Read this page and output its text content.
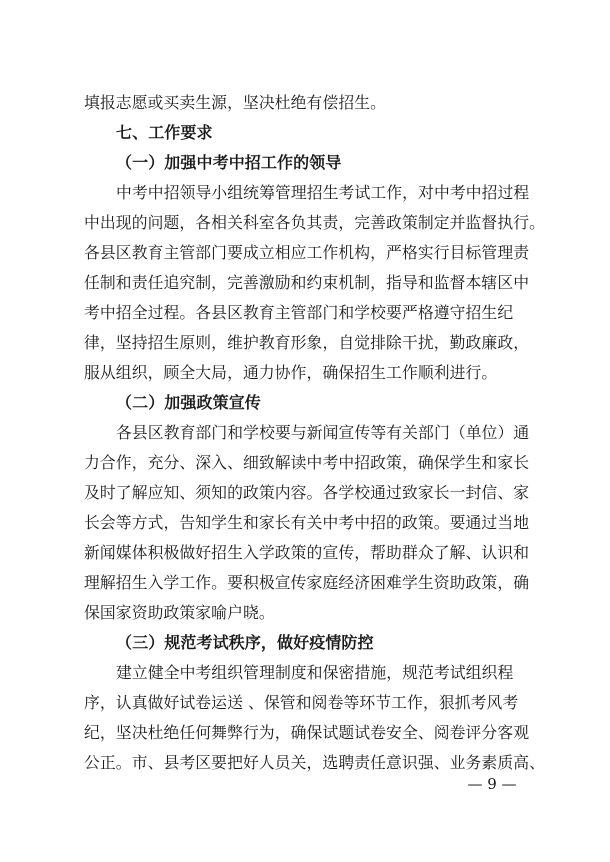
填报志愿或买卖生源，坚决杜绝有偿招生。
七、工作要求
（一）加强中考中招工作的领导
中考中招领导小组统筹管理招生考试工作，对中考中招过程
中出现的问题，各相关科室各负其责，完善政策制定并监督执行。
各县区教育主管部门要成立相应工作机构，严格实行目标管理责
任制和责任追究制，完善激励和约束机制，指导和监督本辖区中
考中招全过程。各县区教育主管部门和学校要严格遵守招生纪
律，坚持招生原则，维护教育形象，自觉排除干扰，勤政廉政，
服从组织，顾全大局，通力协作，确保招生工作顺利进行。
（二）加强政策宣传
各县区教育部门和学校要与新闻宣传等有关部门（单位）通
力合作，充分、深入、细致解读中考中招政策，确保学生和家长
及时了解应知、须知的政策内容。各学校通过致家长一封信、家
长会等方式，告知学生和家长有关中考中招的政策。要通过当地
新闻媒体积极做好招生入学政策的宣传，帮助群众了解、认识和
理解招生入学工作。要积极宣传家庭经济困难学生资助政策，确
保国家资助政策家喻户晓。
（三）规范考试秩序，做好疫情防控
建立健全中考组织管理制度和保密措施，规范考试组织程
序，认真做好试卷运送 、保管和阅卷等环节工作，狠抓考风考
纪，坚决杜绝任何舞弊行为，确保试题试卷安全、阅卷评分客观
公正。市、县考区要把好人员关，选聘责任意识强、业务素质高、
— 9 —
